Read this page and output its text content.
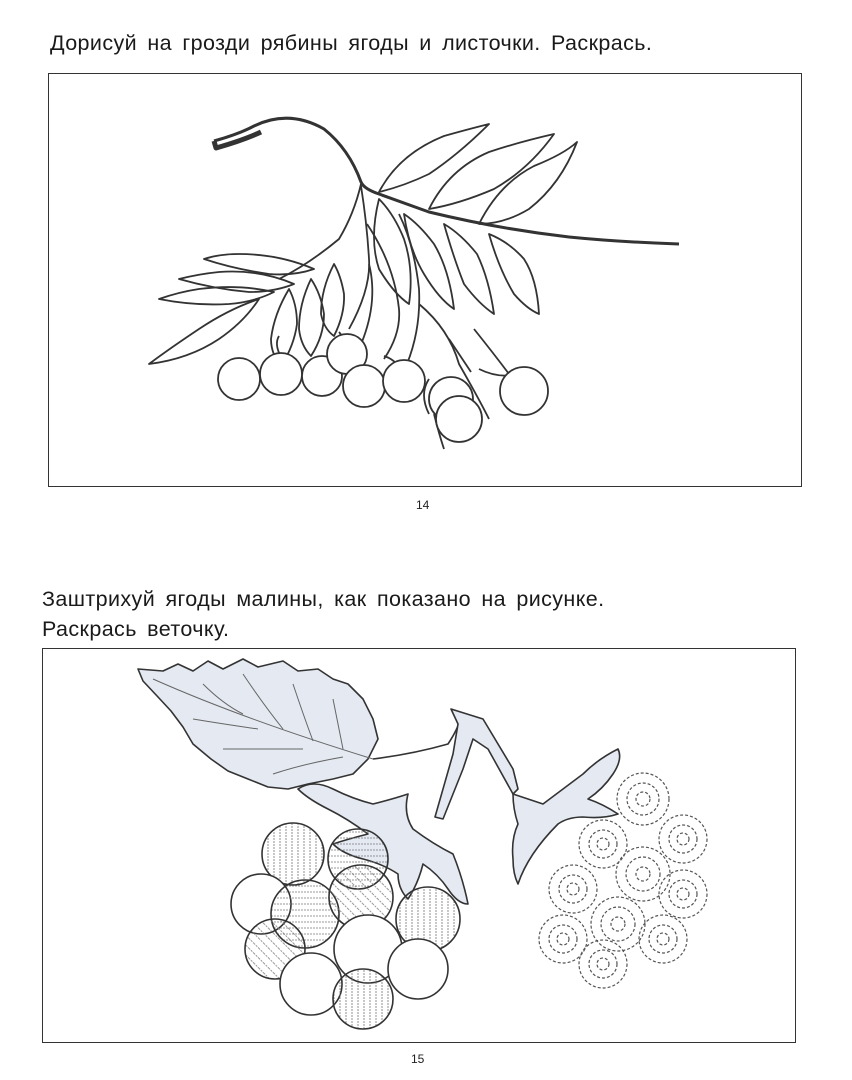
Дорисуй на грозди рябины ягоды и листочки. Раскрась.
14
Заштрихуй ягоды малины, как показано на рисунке.
Раскрась веточку.
15
